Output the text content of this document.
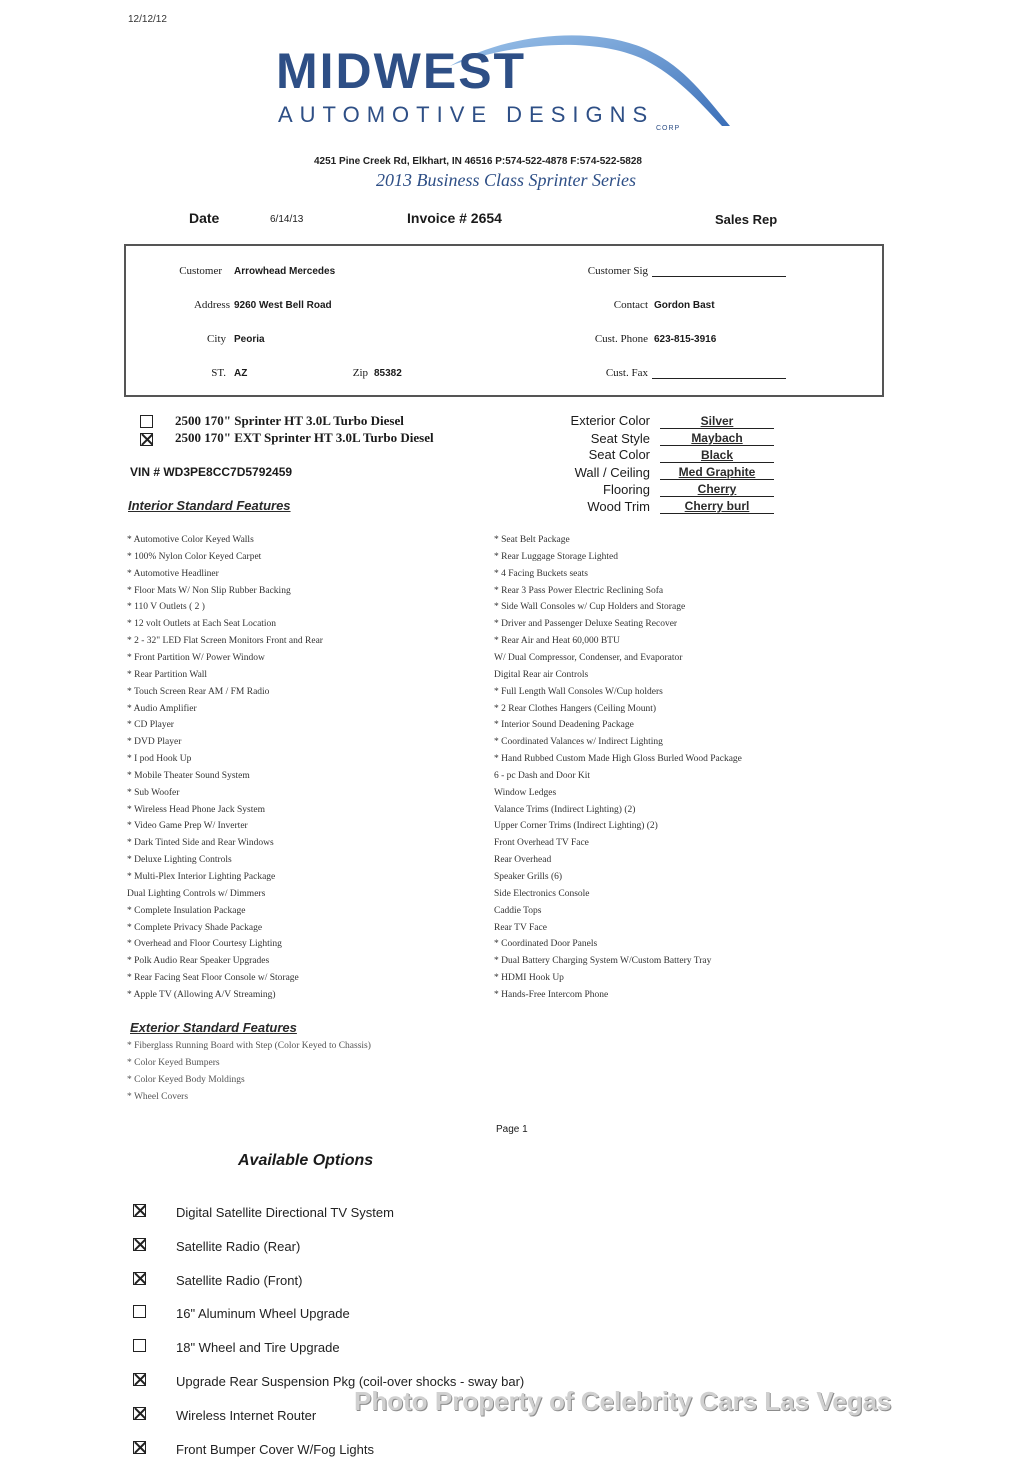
12/12/12
MIDWEST
AUTOMOTIVE DESIGNS
CORP
4251 Pine Creek Rd, Elkhart, IN 46516 P:574-522-4878 F:574-522-5828
2013 Business Class Sprinter Series
Date	6/14/13	Invoice # 2654	Sales Rep
Customer Arrowhead Mercedes
Address 9260 West Bell Road
City Peoria
ST. AZ	Zip 85382
Customer Sig
Contact Gordon Bast
Cust. Phone 623-815-3916
Cust. Fax
2500 170" Sprinter HT 3.0L Turbo Diesel
2500 170" EXT Sprinter HT 3.0L Turbo Diesel
VIN # WD3PE8CC7D5792459
Interior Standard Features
Exterior Color	Silver
Seat Style	Maybach
Seat Color	Black
Wall / Ceiling	Med Graphite
Flooring	Cherry
Wood Trim	Cherry burl
* Automotive Color Keyed Walls
* 100% Nylon Color Keyed Carpet
* Automotive Headliner
* Floor Mats W/ Non Slip Rubber Backing
* 110 V Outlets ( 2 )
* 12 volt Outlets at Each Seat Location
* 2 - 32" LED Flat Screen Monitors Front and Rear
* Front Partition W/ Power Window
* Rear Partition Wall
* Touch Screen Rear AM / FM Radio
* Audio Amplifier
* CD Player
* DVD Player
* I pod Hook Up
* Mobile Theater Sound System
* Sub Woofer
* Wireless Head Phone Jack System
* Video Game Prep W/ Inverter
* Dark Tinted Side and Rear Windows
* Deluxe Lighting Controls
* Multi-Plex Interior Lighting Package
Dual Lighting Controls w/ Dimmers
* Complete Insulation Package
* Complete Privacy Shade Package
* Overhead and Floor Courtesy Lighting
* Polk Audio Rear Speaker Upgrades
* Rear Facing Seat Floor Console w/ Storage
* Apple TV (Allowing A/V Streaming)
* Seat Belt Package
* Rear Luggage Storage Lighted
* 4 Facing Buckets seats
* Rear 3 Pass Power Electric Reclining Sofa
* Side Wall Consoles w/ Cup Holders and Storage
* Driver and Passenger Deluxe Seating Recover
* Rear Air and Heat 60,000 BTU
W/ Dual Compressor, Condenser, and Evaporator
Digital Rear air Controls
* Full Length Wall Consoles W/Cup holders
* 2 Rear Clothes Hangers (Ceiling Mount)
* Interior Sound Deadening Package
* Coordinated Valances w/ Indirect Lighting
* Hand Rubbed Custom Made High Gloss Burled Wood Package
6 - pc Dash and Door Kit
Window Ledges
Valance Trims (Indirect Lighting) (2)
Upper Corner Trims (Indirect Lighting) (2)
Front Overhead TV Face
Rear Overhead
Speaker Grills (6)
Side Electronics Console
Caddie Tops
Rear TV Face
* Coordinated Door Panels
* Dual Battery Charging System W/Custom Battery Tray
* HDMI Hook Up
* Hands-Free Intercom Phone
Exterior Standard Features
* Fiberglass Running Board with Step (Color Keyed to Chassis)
* Color Keyed Bumpers
* Color Keyed Body Moldings
* Wheel Covers
Page 1
Available Options
Digital Satellite Directional TV System
Satellite Radio (Rear)
Satellite Radio (Front)
16" Aluminum Wheel Upgrade
18" Wheel and Tire Upgrade
Upgrade Rear Suspension Pkg (coil-over shocks - sway bar)
Wireless Internet Router
Front Bumper Cover W/Fog Lights
Photo Property of Celebrity Cars Las Vegas
